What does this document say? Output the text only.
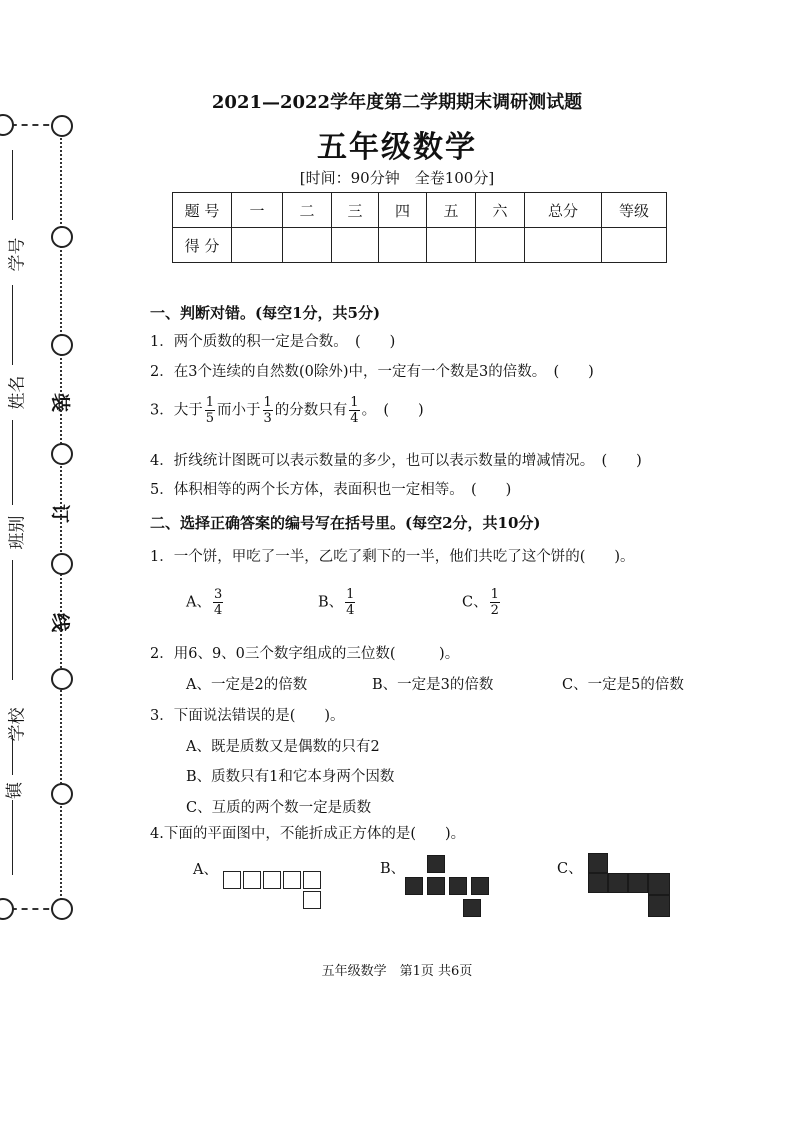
学号
姓名
班别
学校
镇
装
订
线
2021—2022学年度第二学期期末调研测试题
五年级数学
[时间：90分钟　全卷100分]
题 号	一	二	三	四	五	六	总分	等级
得 分								
一、判断对错。(每空1分，共5分)
1．两个质数的积一定是合数。　(　　)
2．在3个连续的自然数(0除外)中，一定有一个数是3的倍数。　(　　)
3．大于 $\frac{1}{5}$ 而小于 $\frac{1}{3}$ 的分数只有 $\frac{1}{4}$ 。　(　　)
4．折线统计图既可以表示数量的多少，也可以表示数量的增减情况。　(　　)
5．体积相等的两个长方体，表面积也一定相等。　(　　)
二、选择正确答案的编号写在括号里。(每空2分，共10分)
1．一个饼，甲吃了一半，乙吃了剩下的一半，他们共吃了这个饼的(　　)。
A、 $\frac{3}{4}$	B、 $\frac{1}{4}$	C、 $\frac{1}{2}$
2．用6、9、0三个数字组成的三位数(　　　)。
A、一定是2的倍数	B、一定是3的倍数	C、一定是5的倍数
3．下面说法错误的是(　　)。
A、既是质数又是偶数的只有2
B、质数只有1和它本身两个因数
C、互质的两个数一定是质数
4.下面的平面图中，不能折成正方体的是(　　)。
A、	B、	C、
五年级数学　第1页 共6页
